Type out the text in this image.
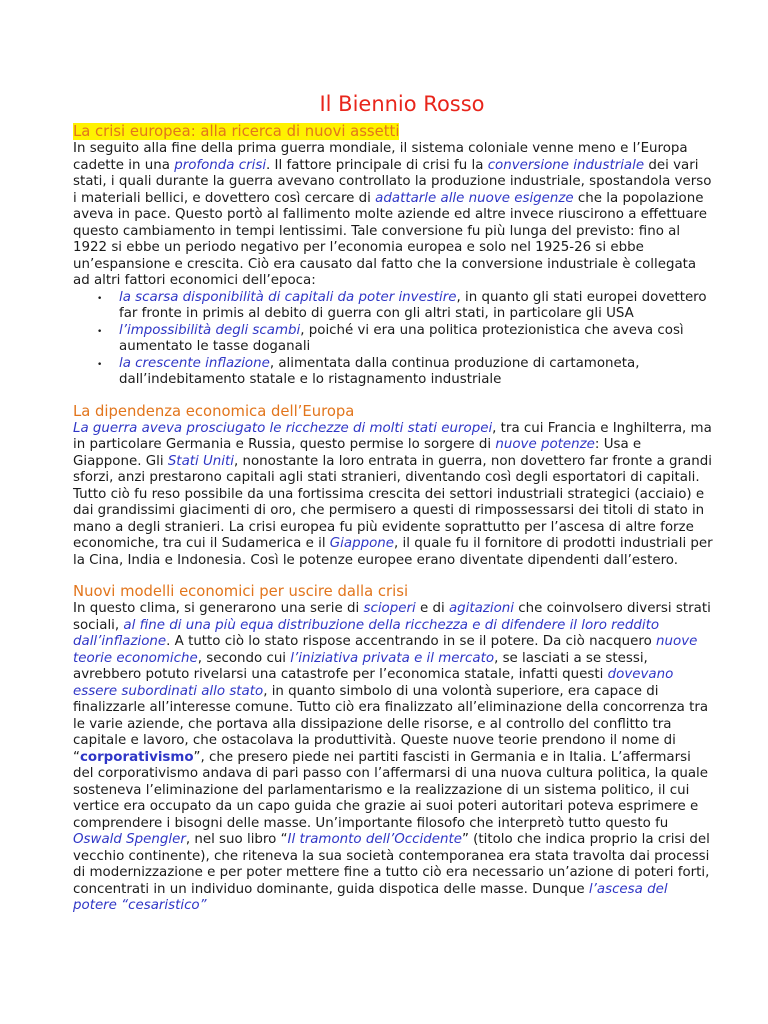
Il Biennio Rosso
La crisi europea: alla ricerca di nuovi assetti

In seguito alla fine della prima guerra mondiale, il sistema coloniale venne meno e l’Europa cadette in una profonda crisi. Il fattore principale di crisi fu la conversione industriale dei vari stati, i quali durante la guerra avevano controllato la produzione industriale, spostandola verso i materiali bellici, e dovettero così cercare di adattarle alle nuove esigenze che la popolazione aveva in pace. Questo portò al fallimento molte aziende ed altre invece riuscirono a effettuare questo cambiamento in tempi lentissimi. Tale conversione fu più lunga del previsto: fino al 1922 si ebbe un periodo negativo per l’economia europea e solo nel 1925-26 si ebbe un’espansione e crescita. Ciò era causato dal fatto che la conversione industriale è collegata ad altri fattori economici dell’epoca:

• la scarsa disponibilità di capitali da poter investire, in quanto gli stati europei dovettero far fronte in primis al debito di guerra con gli altri stati, in particolare gli USA
• l’impossibilità degli scambi, poiché vi era una politica protezionistica che aveva così aumentato le tasse doganali
• la crescente inflazione, alimentata dalla continua produzione di cartamoneta, dall’indebitamento statale e lo ristagnamento industriale
La dipendenza economica dell’Europa

La guerra aveva prosciugato le ricchezze di molti stati europei, tra cui Francia e Inghilterra, ma in particolare Germania e Russia, questo permise lo sorgere di nuove potenze: Usa e Giappone. Gli Stati Uniti, nonostante la loro entrata in guerra, non dovettero far fronte a grandi sforzi, anzi prestarono capitali agli stati stranieri, diventando così degli esportatori di capitali. Tutto ciò fu reso possibile da una fortissima crescita dei settori industriali strategici (acciaio) e dai grandissimi giacimenti di oro, che permisero a questi di rimpossessarsi dei titoli di stato in mano a degli stranieri. La crisi europea fu più evidente soprattutto per l’ascesa di altre forze economiche, tra cui il Sudamerica e il Giappone, il quale fu il fornitore di prodotti industriali per la Cina, India e Indonesia. Così le potenze europee erano diventate dipendenti dall’estero.

Nuovi modelli economici per uscire dalla crisi

In questo clima, si generarono una serie di scioperi e di agitazioni che coinvolsero diversi strati sociali, al fine di una più equa distribuzione della ricchezza e di difendere il loro reddito dall’inflazione. A tutto ciò lo stato rispose accentrando in se il potere. Da ciò nacquero nuove teorie economiche, secondo cui l’iniziativa privata e il mercato, se lasciati a se stessi, avrebbero potuto rivelarsi una catastrofe per l’economica statale, infatti questi dovevano essere subordinati allo stato, in quanto simbolo di una volontà superiore, era capace di finalizzarle all’interesse comune. Tutto ciò era finalizzato all’eliminazione della concorrenza tra le varie aziende, che portava alla dissipazione delle risorse, e al controllo del conflitto tra capitale e lavoro, che ostacolava la produttività. Queste nuove teorie prendono il nome di “corporativismo”, che presero piede nei partiti fascisti in Germania e in Italia. L’affermarsi del corporativismo andava di pari passo con l’affermarsi di una nuova cultura politica, la quale sosteneva l’eliminazione del parlamentarismo e la realizzazione di un sistema politico, il cui vertice era occupato da un capo guida che grazie ai suoi poteri autoritari poteva esprimere e comprendere i bisogni delle masse. Un’importante filosofo che interpretò tutto questo fu Oswald Spengler, nel suo libro “Il tramonto dell’Occidente” (titolo che indica proprio la crisi del vecchio continente), che riteneva la sua società contemporanea era stata travolta dai processi di modernizzazione e per poter mettere fine a tutto ciò era necessario un’azione di poteri forti, concentrati in un individuo dominante, guida dispotica delle masse. Dunque l’ascesa del potere “cesaristico”
